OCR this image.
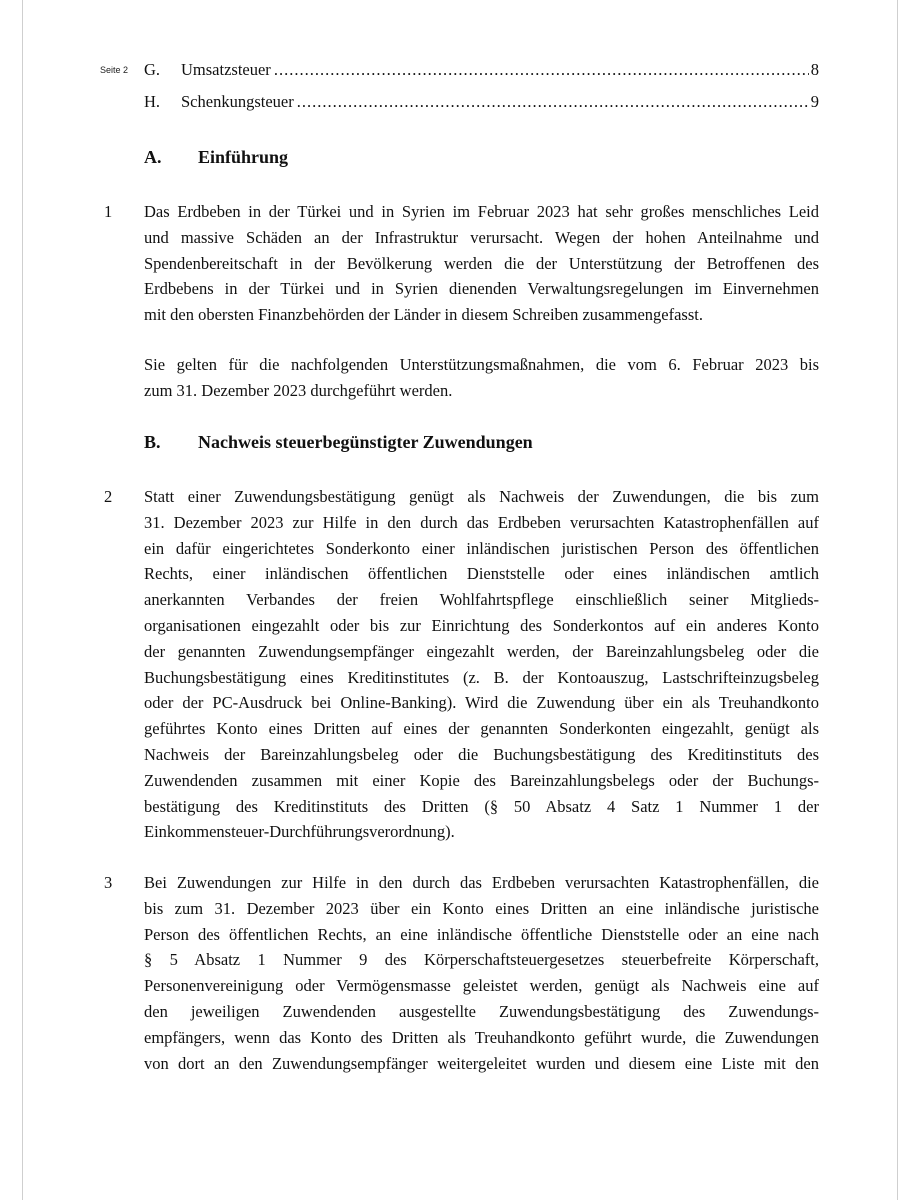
Seite 2 G.	Umsatzsteuer .....	8
H.	Schenkungsteuer .....	9
A.	Einführung
1 Das Erdbeben in der Türkei und in Syrien im Februar 2023 hat sehr großes menschliches Leid
und massive Schäden an der Infrastruktur verursacht. Wegen der hohen Anteilnahme und
Spendenbereitschaft in der Bevölkerung werden die der Unterstützung der Betroffenen des
Erdbebens in der Türkei und in Syrien dienenden Verwaltungsregelungen im Einvernehmen
mit den obersten Finanzbehörden der Länder in diesem Schreiben zusammengefasst.
Sie gelten für die nachfolgenden Unterstützungsmaßnahmen, die vom 6. Februar 2023 bis
zum 31. Dezember 2023 durchgeführt werden.
B.	Nachweis steuerbegünstigter Zuwendungen
2 Statt einer Zuwendungsbestätigung genügt als Nachweis der Zuwendungen, die bis zum
31. Dezember 2023 zur Hilfe in den durch das Erdbeben verursachten Katastrophenfällen auf
ein dafür eingerichtetes Sonderkonto einer inländischen juristischen Person des öffentlichen
Rechts, einer inländischen öffentlichen Dienststelle oder eines inländischen amtlich
anerkannten Verbandes der freien Wohlfahrtspflege einschließlich seiner Mitglieds-
organisationen eingezahlt oder bis zur Einrichtung des Sonderkontos auf ein anderes Konto
der genannten Zuwendungsempfänger eingezahlt werden, der Bareinzahlungsbeleg oder die
Buchungsbestätigung eines Kreditinstitutes (z. B. der Kontoauszug, Lastschrifteinzugsbeleg
oder der PC-Ausdruck bei Online-Banking). Wird die Zuwendung über ein als Treuhandkonto
geführtes Konto eines Dritten auf eines der genannten Sonderkonten eingezahlt, genügt als
Nachweis der Bareinzahlungsbeleg oder die Buchungsbestätigung des Kreditinstituts des
Zuwendenden zusammen mit einer Kopie des Bareinzahlungsbelegs oder der Buchungs-
bestätigung des Kreditinstituts des Dritten (§ 50 Absatz 4 Satz 1 Nummer 1 der
Einkommensteuer-Durchführungsverordnung).
3 Bei Zuwendungen zur Hilfe in den durch das Erdbeben verursachten Katastrophenfällen, die
bis zum 31. Dezember 2023 über ein Konto eines Dritten an eine inländische juristische
Person des öffentlichen Rechts, an eine inländische öffentliche Dienststelle oder an eine nach
§ 5 Absatz 1 Nummer 9 des Körperschaftsteuergesetzes steuerbefreite Körperschaft,
Personenvereinigung oder Vermögensmasse geleistet werden, genügt als Nachweis eine auf
den jeweiligen Zuwendenden ausgestellte Zuwendungsbestätigung des Zuwendungs-
empfängers, wenn das Konto des Dritten als Treuhandkonto geführt wurde, die Zuwendungen
von dort an den Zuwendungsempfänger weitergeleitet wurden und diesem eine Liste mit den
